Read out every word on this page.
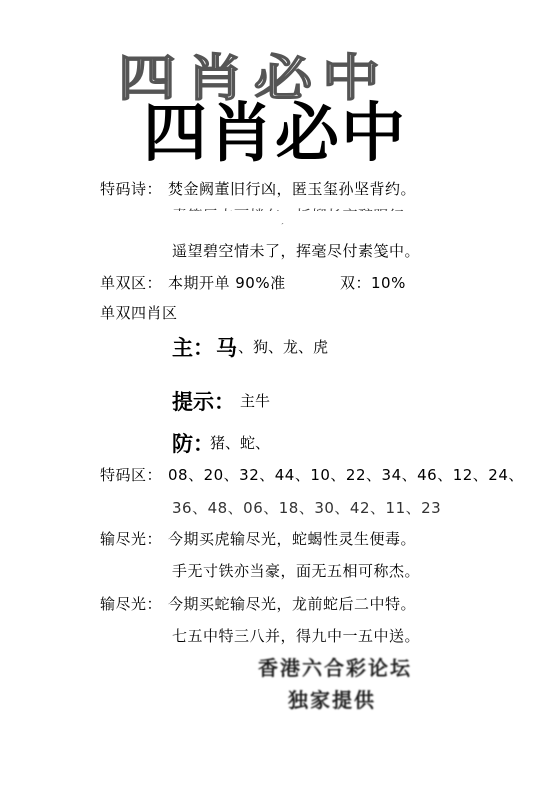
四肖必中
四肖必中
特码诗： 焚金阙董旧行凶，匿玉玺孙坚背约。
遥望碧空情未了，挥毫尽付素笺中。
单双区： 本期开单 90%准	双：10%
单双四肖区
主： 马 、狗、龙、虎
提示： 主牛
防：
猪、蛇、
特码区： 08、20、32、44、10、22、34、46、12、24、
36、48、06、18、30、42、11、23
输尽光： 今期买虎输尽光，蛇蝎性灵生便毒。
手无寸铁亦当豪，面无五相可称杰。
输尽光： 今期买蛇输尽光，龙前蛇后二中特。
七五中特三八并，得九中一五中送。
香港六合彩论坛
独家提供
